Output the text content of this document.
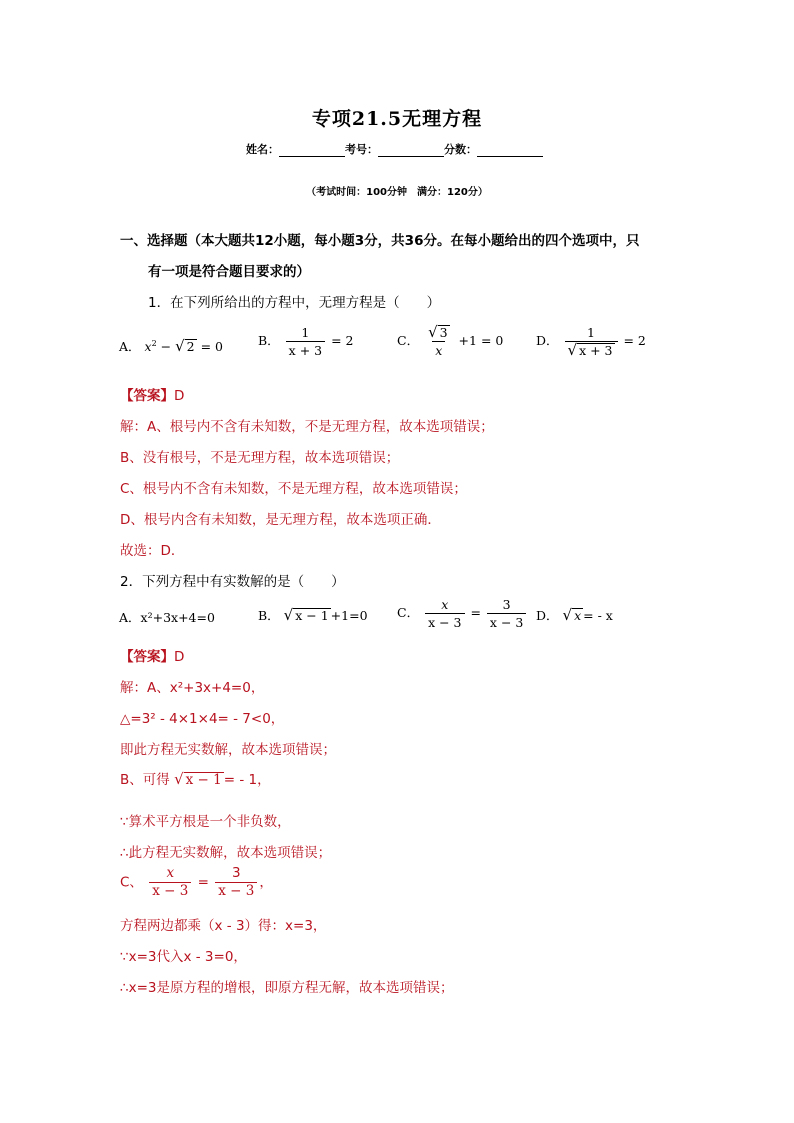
专项21.5无理方程
姓名：	考号：	分数：
（考试时间：100分钟　满分：120分）
一、选择题（本大题共12小题，每小题3分，共36分。在每小题给出的四个选项中，只
有一项是符合题目要求的）
1．在下列所给出的方程中，无理方程是（　　）
A． $x^2$ − √ 2 = 0	B． $\frac{1}{x + 3} = 2$	C． $\frac{√ 3}{x} +1 = 0$	D． $\frac{1}{√ x + 3} = 2$
【答案】D
解：A、根号内不含有未知数，不是无理方程，故本选项错误；
B、没有根号，不是无理方程，故本选项错误；
C、根号内不含有未知数，不是无理方程，故本选项错误；
D、根号内含有未知数，是无理方程，故本选项正确．
故选：D．
2．下列方程中有实数解的是（　　）
A．x²+3x+4=0	B． √ x − 1 +1=0 C． $\frac{x}{x - 3} = \frac{3}{x - 3}$ D． √ x = - x
【答案】D
解：A、x²+3x+4=0，
△=3² - 4×1×4= - 7<0，
即此方程无实数解，故本选项错误；
B、可得 √ x − 1 = - 1，
∵算术平方根是一个非负数，
∴此方程无实数解，故本选项错误；
C、 $\frac{x}{x - 3} = \frac{3}{x - 3}$ ，
方程两边都乘（x - 3）得：x=3，
∵x=3代入x - 3=0，
∴x=3是原方程的增根，即原方程无解，故本选项错误；
